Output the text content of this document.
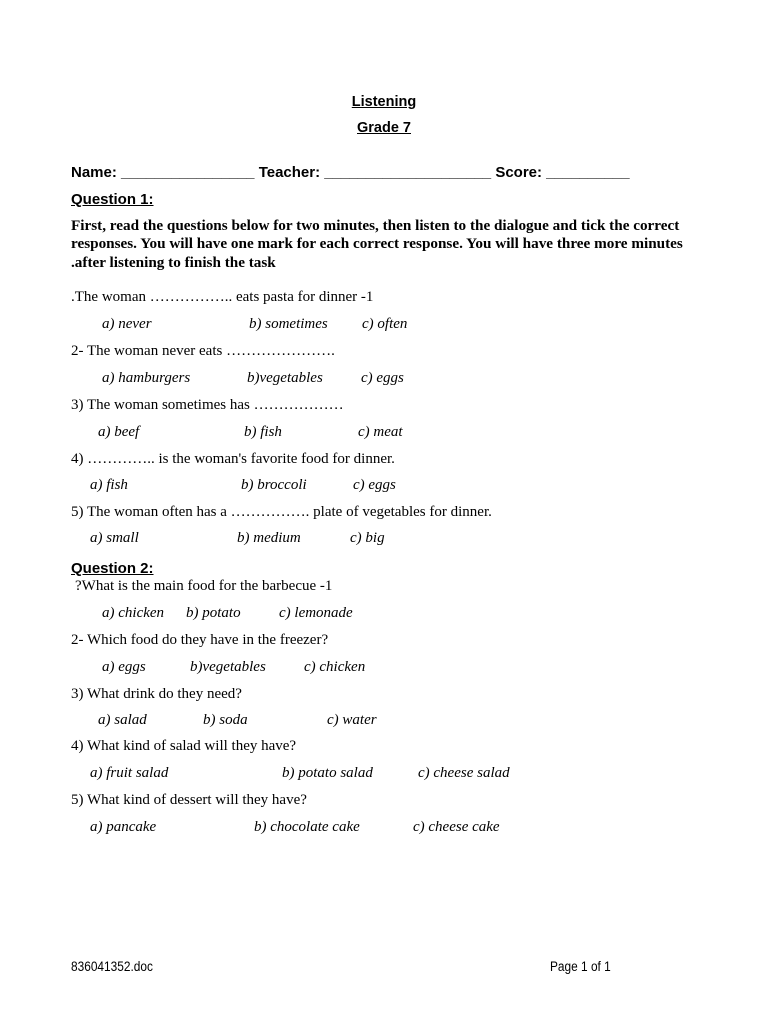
Listening
Grade 7
Name: ________________ Teacher: ____________________ Score: __________
Question 1:
First, read the questions below for two minutes, then listen to the dialogue and tick the correct responses. You will have one mark for each correct response. You will have three more minutes .after listening to finish the task
.The woman …………….. eats pasta for dinner -1
a) never	b) sometimes c) often
2- The woman never eats ………………….
a) hamburgers	b)vegetables	c) eggs
3) The woman sometimes has ………………
a) beef	b) fish	c) meat
4) ………….. is the woman's favorite food for dinner.
a) fish	b) broccoli	c) eggs
5) The woman often has a ……………. plate of vegetables for dinner.
a) small	b) medium	c) big
Question 2:
?What is the main food for the barbecue -1
a) chicken b) potato	c) lemonade
2- Which food do they have in the freezer?
a) eggs	b)vegetables	c) chicken
3) What drink do they need?
a) salad	b) soda	c) water
4) What kind of salad will they have?
a) fruit salad	b) potato salad	c) cheese salad
5) What kind of dessert will they have?
a) pancake	b) chocolate cake	c) cheese cake
836041352.doc	Page 1 of 1
